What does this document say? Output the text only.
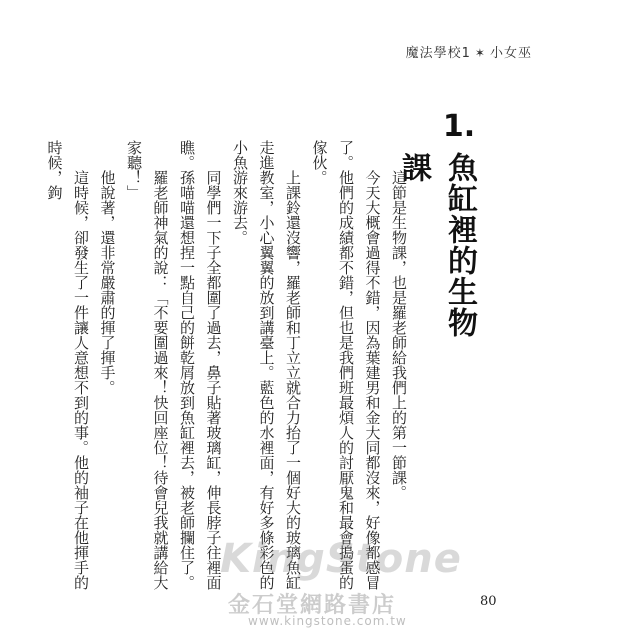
魔法學校1 ✶ 小女巫
1.
魚缸裡的生物課

這節是生物課，也是羅老師給我們上的第一節課。

今天大概會過得不錯，因為葉建男和金大同都沒來，好像都感冒了。他們的成績都不錯，但也是我們班最煩人的討厭鬼和最會搗蛋的傢伙。

上課鈴還沒響，羅老師和丁立立就合力抬了一個好大的玻璃魚缸走進教室，小心翼翼的放到講臺上。藍色的水裡面，有好多條彩色的小魚游來游去。

同學們一下子全都圍了過去，鼻子貼著玻璃缸，伸長脖子往裡面瞧。孫喵喵還想捏一點自己的餅乾屑放到魚缸裡去，被老師攔住了。

羅老師神氣的說：「不要圍過來！快回座位！待會兒我就講給大家聽！」

他說著，還非常嚴肅的揮了揮手。

這時候，卻發生了一件讓人意想不到的事。他的袖子在他揮手的時候，鉤

KingStone
金石堂網路書店
www.kingstone.com.tw
80
